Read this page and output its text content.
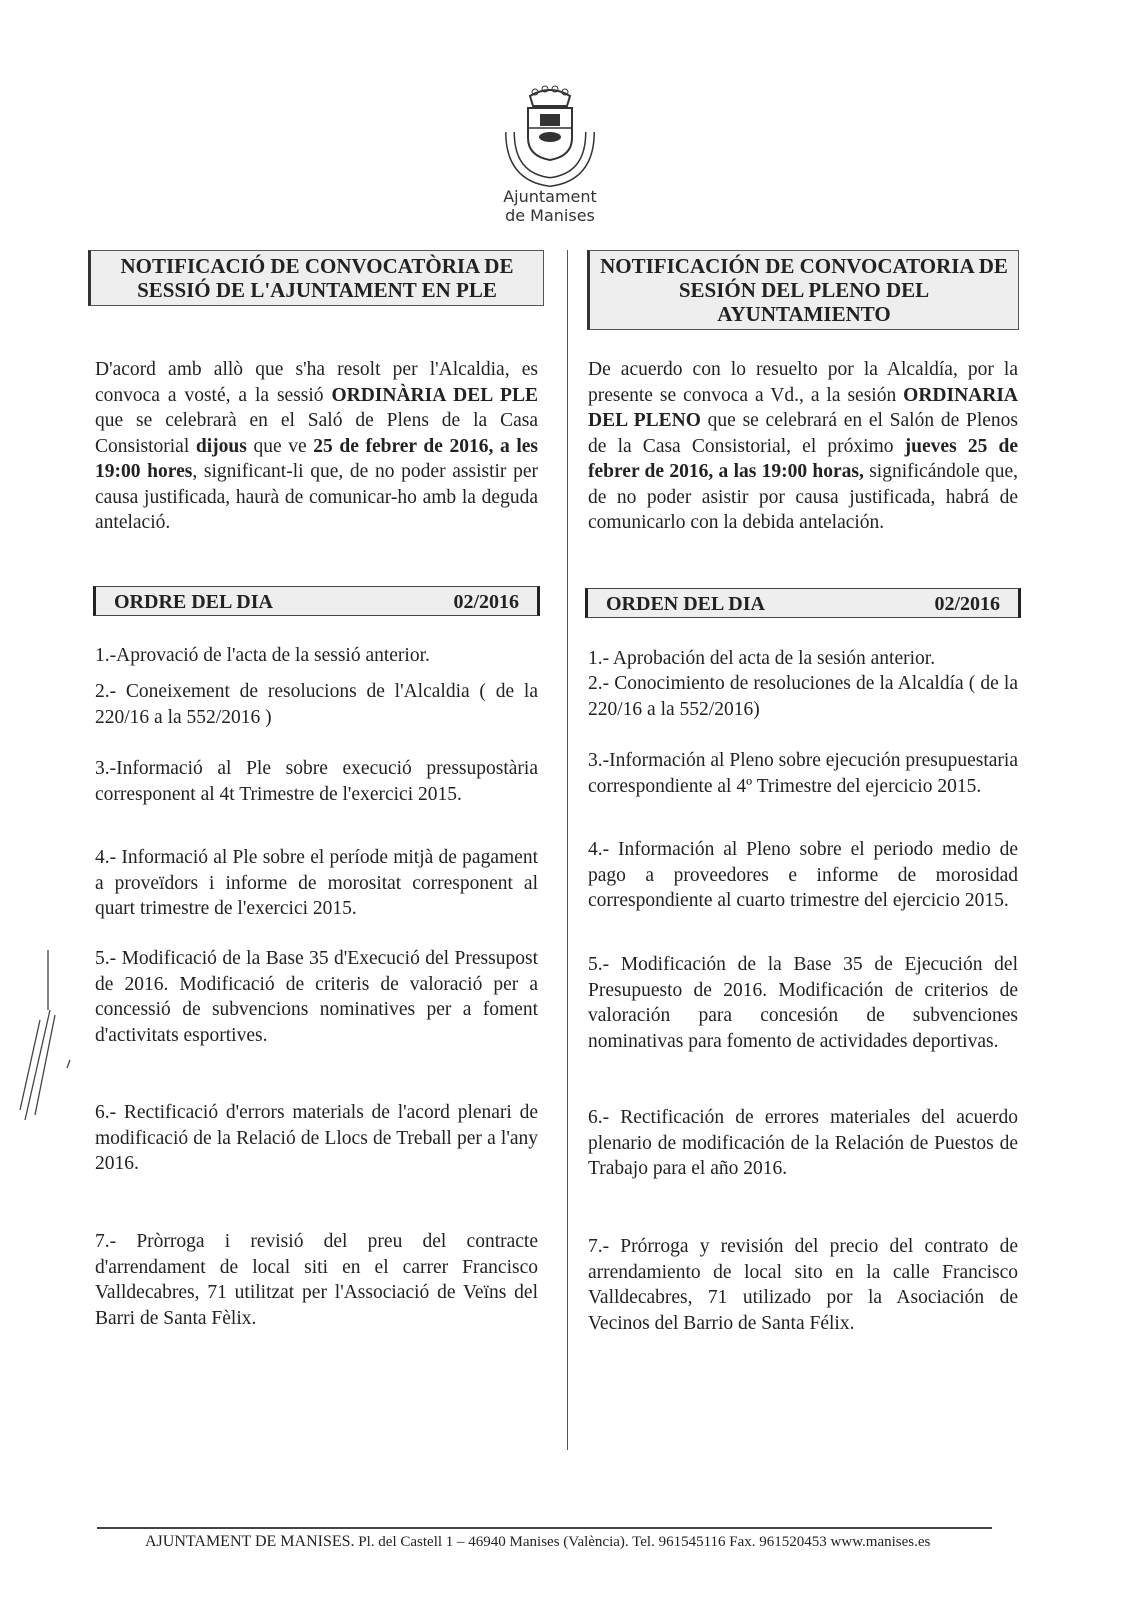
Ajuntament
de Manises
NOTIFICACIÓ DE CONVOCATÒRIA DE SESSIÓ DE L'AJUNTAMENT EN PLE
NOTIFICACIÓN DE CONVOCATORIA DE SESIÓN DEL PLENO DEL AYUNTAMIENTO

D'acord amb allò que s'ha resolt per l'Alcaldia, es convoca a vosté, a la sessió ORDINÀRIA DEL PLE que se celebrarà en el Saló de Plens de la Casa Consistorial dijous que ve 25 de febrer de 2016, a les 19:00 hores, significant-li que, de no poder assistir per causa justificada, haurà de comunicar-ho amb la deguda antelació.

De acuerdo con lo resuelto por la Alcaldía, por la presente se convoca a Vd., a la sesión ORDINARIA DEL PLENO que se celebrará en el Salón de Plenos de la Casa Consistorial, el próximo jueves 25 de febrer de 2016, a las 19:00 horas, significándole que, de no poder asistir por causa justificada, habrá de comunicarlo con la debida antelación.

ORDRE DEL DIA	02/2016	ORDEN DEL DIA	02/2016
1.-Aprovació de l'acta de la sessió anterior.
2.- Coneixement de resolucions de l'Alcaldia ( de la 220/16 a la 552/2016 )
3.-Informació al Ple sobre execució pressupostària corresponent al 4t Trimestre de l'exercici 2015.
4.- Informació al Ple sobre el període mitjà de pagament a proveïdors i informe de morositat corresponent al quart trimestre de l'exercici 2015.
5.- Modificació de la Base 35 d'Execució del Pressupost de 2016. Modificació de criteris de valoració per a concessió de subvencions nominatives per a foment d'activitats esportives.
6.- Rectificació d'errors materials de l'acord plenari de modificació de la Relació de Llocs de Treball per a l'any 2016.
7.- Pròrroga i revisió del preu del contracte d'arrendament de local siti en el carrer Francisco Valldecabres, 71 utilitzat per l'Associació de Veïns del Barri de Santa Fèlix.
1.- Aprobación del acta de la sesión anterior.
2.- Conocimiento de resoluciones de la Alcaldía ( de la 220/16 a la 552/2016)
3.-Información al Pleno sobre ejecución presupuestaria correspondiente al 4º Trimestre del ejercicio 2015.
4.- Información al Pleno sobre el periodo medio de pago a proveedores e informe de morosidad correspondiente al cuarto trimestre del ejercicio 2015.
5.- Modificación de la Base 35 de Ejecución del Presupuesto de 2016. Modificación de criterios de valoración para concesión de subvenciones nominativas para fomento de actividades deportivas.
6.- Rectificación de errores materiales del acuerdo plenario de modificación de la Relación de Puestos de Trabajo para el año 2016.
7.- Prórroga y revisión del precio del contrato de arrendamiento de local sito en la calle Francisco Valldecabres, 71 utilizado por la Asociación de Vecinos del Barrio de Santa Félix.
AJUNTAMENT DE MANISES. Pl. del Castell 1 – 46940 Manises (València). Tel. 961545116 Fax. 961520453 www.manises.es
